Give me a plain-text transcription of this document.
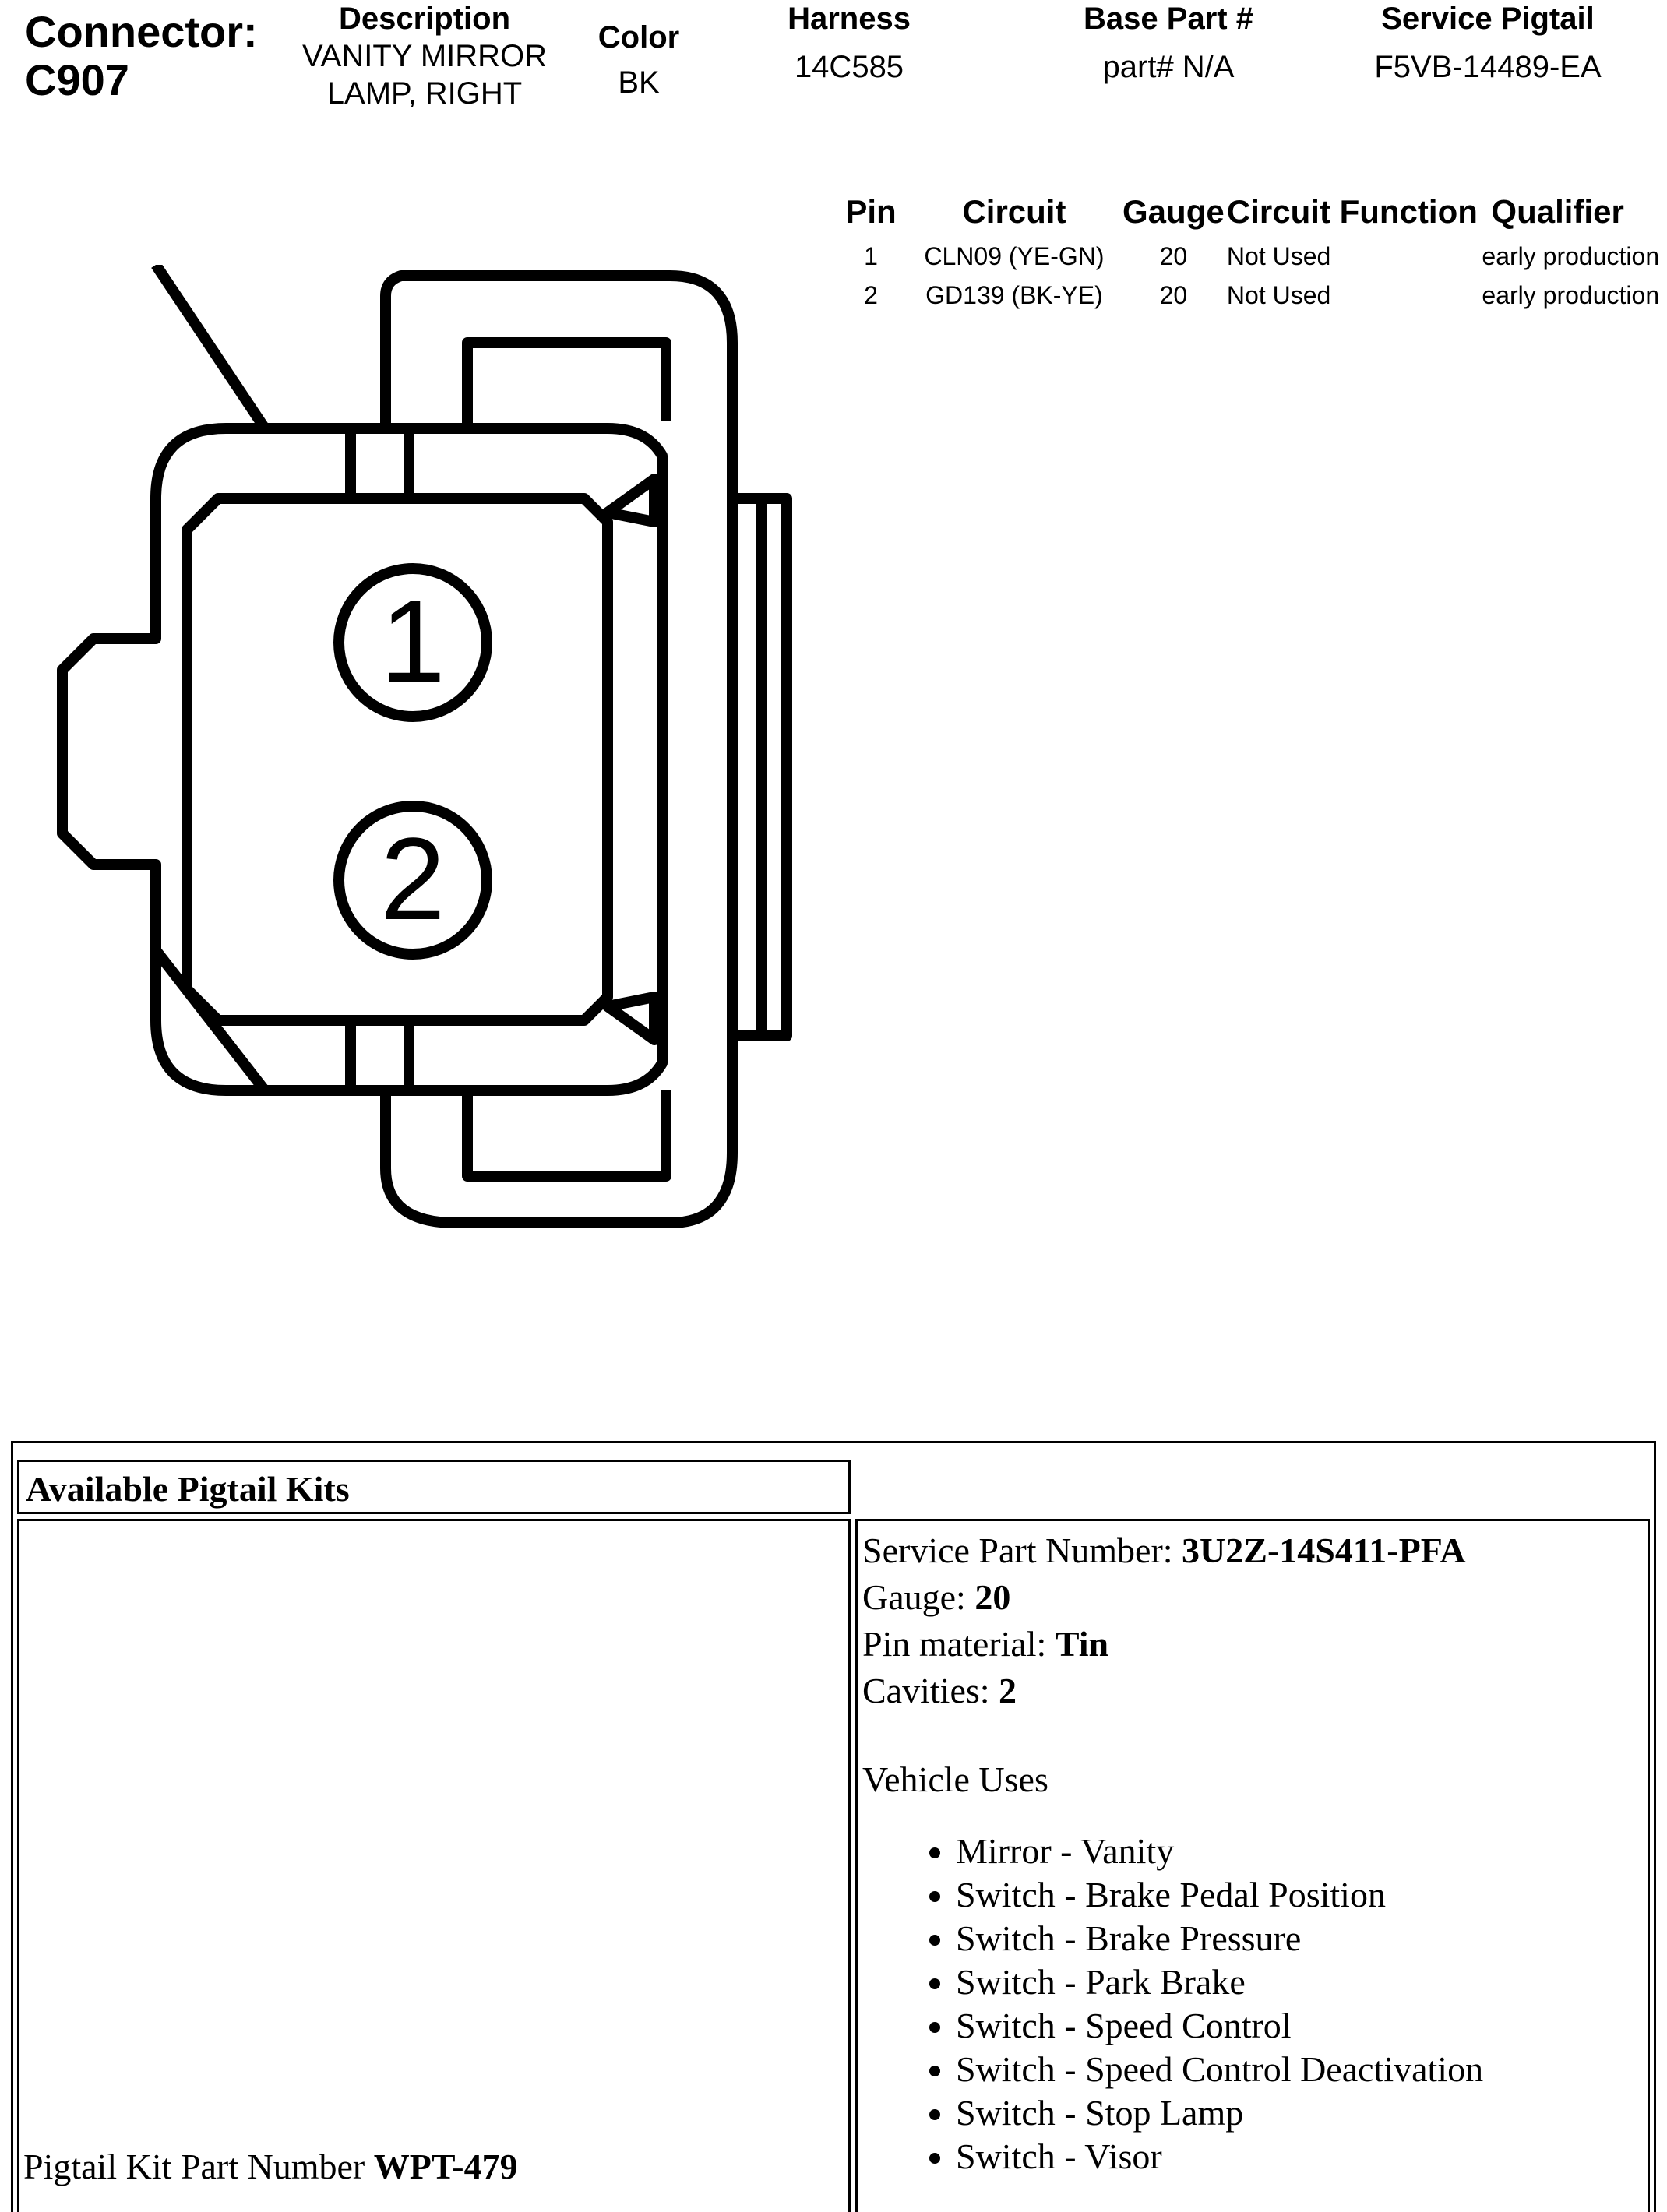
Connector:
C907
Description
VANITY MIRROR
LAMP, RIGHT
Color
BK
Harness
14C585
Base Part #
part# N/A
Service Pigtail
F5VB-14489-EA
Pin	Circuit	Gauge	Circuit Function	Qualifier
1	CLN09 (YE-GN)	20	Not Used	early production
2	GD139 (BK-YE)	20	Not Used	early production
1
2
Available Pigtail Kits
Service Part Number: 3U2Z-14S411-PFA
Gauge: 20
Pin material: Tin
Cavities: 2
Vehicle Uses
• Mirror - Vanity
• Switch - Brake Pedal Position
• Switch - Brake Pressure
• Switch - Park Brake
• Switch - Speed Control
• Switch - Speed Control Deactivation
• Switch - Stop Lamp
• Switch - Visor
Pigtail Kit Part Number WPT-479
